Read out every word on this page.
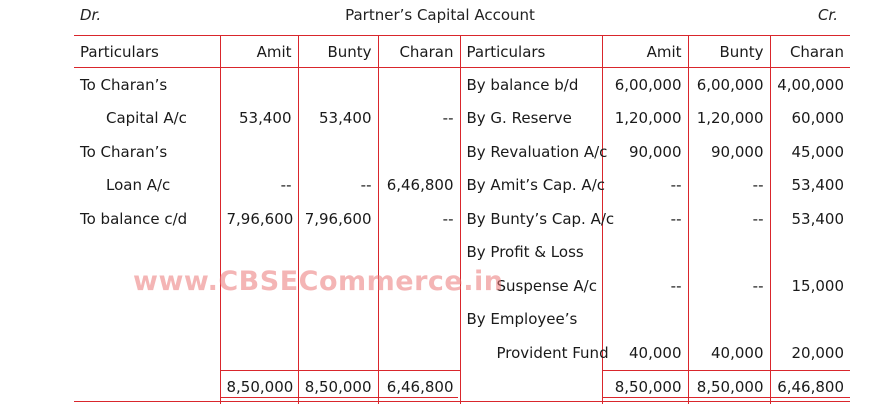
Dr.	Partner’s Capital Account	Cr.
Particulars	Amit	Bunty	Charan	Particulars	Amit	Bunty	Charan
To Charan’s				By balance b/d	6,00,000	6,00,000	4,00,000
Capital A/c	53,400	53,400	--	By G. Reserve	1,20,000	1,20,000	60,000
To Charan’s				By Revaluation A/c	90,000	90,000	45,000
Loan A/c	--	--	6,46,800	By Amit’s Cap. A/c	--	--	53,400
To balance c/d	7,96,600	7,96,600	--	By Bunty’s Cap. A/c	--	--	53,400
				By Profit & Loss			
				Suspense A/c	--	--	15,000
				By Employee’s			
				Provident Fund	40,000	40,000	20,000
	8,50,000	8,50,000	6,46,800		8,50,000	8,50,000	6,46,800
www.CBSECommerce.in
